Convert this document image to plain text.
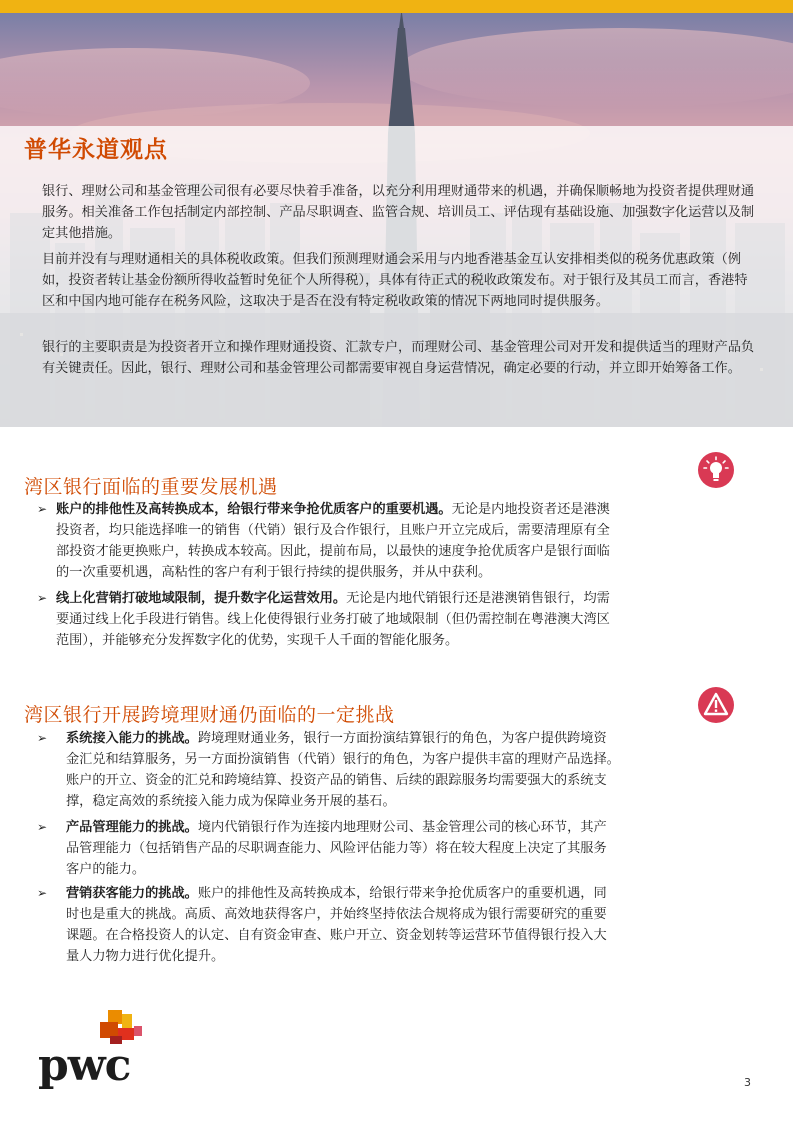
普华永道观点
银行、理财公司和基金管理公司很有必要尽快着手准备，以充分利用理财通带来的机遇，并确保顺畅地为投资者提供理财通服务。相关准备工作包括制定内部控制、产品尽职调查、监管合规、培训员工、评估现有基础设施、加强数字化运营以及制定其他措施。
目前并没有与理财通相关的具体税收政策。但我们预测理财通会采用与内地香港基金互认安排相类似的税务优惠政策（例如，投资者转让基金份额所得收益暂时免征个人所得税），具体有待正式的税收政策发布。对于银行及其员工而言，香港特区和中国内地可能存在税务风险，这取决于是否在没有特定税收政策的情况下两地同时提供服务。
银行的主要职责是为投资者开立和操作理财通投资、汇款专户，而理财公司、基金管理公司对开发和提供适当的理财产品负有关键责任。因此，银行、理财公司和基金管理公司都需要审视自身运营情况，确定必要的行动，并立即开始筹备工作。
湾区银行面临的重要发展机遇
➢ 账户的排他性及高转换成本，给银行带来争抢优质客户的重要机遇。无论是内地投资者还是港澳
投资者，均只能选择唯一的销售（代销）银行及合作银行，且账户开立完成后，需要清理原有全
部投资才能更换账户，转换成本较高。因此，提前布局，以最快的速度争抢优质客户是银行面临
的一次重要机遇，高粘性的客户有利于银行持续的提供服务，并从中获利。
➢ 线上化营销打破地域限制，提升数字化运营效用。无论是内地代销银行还是港澳销售银行，均需
要通过线上化手段进行销售。线上化使得银行业务打破了地域限制（但仍需控制在粤港澳大湾区
范围），并能够充分发挥数字化的优势，实现千人千面的智能化服务。
湾区银行开展跨境理财通仍面临的一定挑战
➢ 系统接入能力的挑战。跨境理财通业务，银行一方面扮演结算银行的角色，为客户提供跨境资
金汇兑和结算服务，另一方面扮演销售（代销）银行的角色，为客户提供丰富的理财产品选择。
账户的开立、资金的汇兑和跨境结算、投资产品的销售、后续的跟踪服务均需要强大的系统支
撑，稳定高效的系统接入能力成为保障业务开展的基石。
➢ 产品管理能力的挑战。境内代销银行作为连接内地理财公司、基金管理公司的核心环节，其产
品管理能力（包括销售产品的尽职调查能力、风险评估能力等）将在较大程度上决定了其服务
客户的能力。
➢ 营销获客能力的挑战。账户的排他性及高转换成本，给银行带来争抢优质客户的重要机遇，同
时也是重大的挑战。高质、高效地获得客户，并始终坚持依法合规将成为银行需要研究的重要
课题。在合格投资人的认定、自有资金审查、账户开立、资金划转等运营环节值得银行投入大
量人力物力进行优化提升。
pwc	3
